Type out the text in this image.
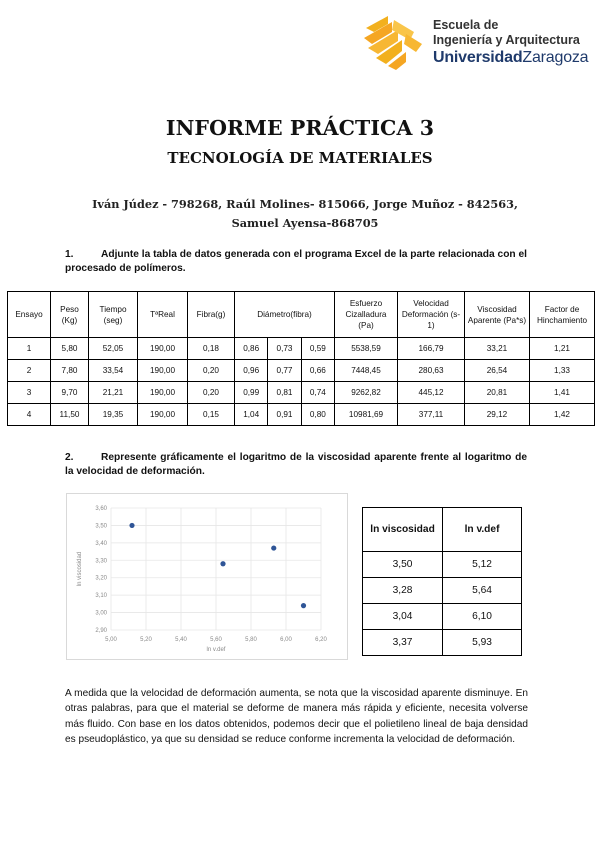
Escuela de
Ingeniería y Arquitectura
UniversidadZaragoza
INFORME PRÁCTICA 3
TECNOLOGÍA DE MATERIALES
Iván Júdez - 798268, Raúl Molines- 815066, Jorge Muñoz - 842563,
Samuel Ayensa-868705
1.	Adjunte la tabla de datos generada con el programa Excel de la parte relacionada con el procesado de polímeros.
Ensayo	Peso (Kg)	Tiempo (seg)	TªReal	Fibra(g)	Diámetro(fibra)			Esfuerzo Cizalladura (Pa)	Velocidad Deformación (s-1)	Viscosidad Aparente (Pa*s)	Factor de Hinchamiento
1	5,80	52,05	190,00	0,18	0,86	0,73	0,59	5538,59	166,79	33,21	1,21
2	7,80	33,54	190,00	0,20	0,96	0,77	0,66	7448,45	280,63	26,54	1,33
3	9,70	21,21	190,00	0,20	0,99	0,81	0,74	9262,82	445,12	20,81	1,41
4	11,50	19,35	190,00	0,15	1,04	0,91	0,80	10981,69	377,11	29,12	1,42
2.	Represente gráficamente el logaritmo de la viscosidad aparente frente al logaritmo de la velocidad de deformación.
5,00	5,20	5,40	5,60	5,80	6,00	6,20
2,90
3,00
3,10
3,20
3,30
3,40
3,50
3,60
ln v.def
ln viscosidad
ln viscosidad	ln v.def
3,50	5,12
3,28	5,64
3,04	6,10
3,37	5,93
A medida que la velocidad de deformación aumenta, se nota que la viscosidad aparente disminuye. En otras palabras, para que el material se deforme de manera más rápida y eficiente, necesita volverse más fluido. Con base en los datos obtenidos, podemos decir que el polietileno lineal de baja densidad es pseudoplástico, ya que su densidad se reduce conforme incrementa la velocidad de deformación.
